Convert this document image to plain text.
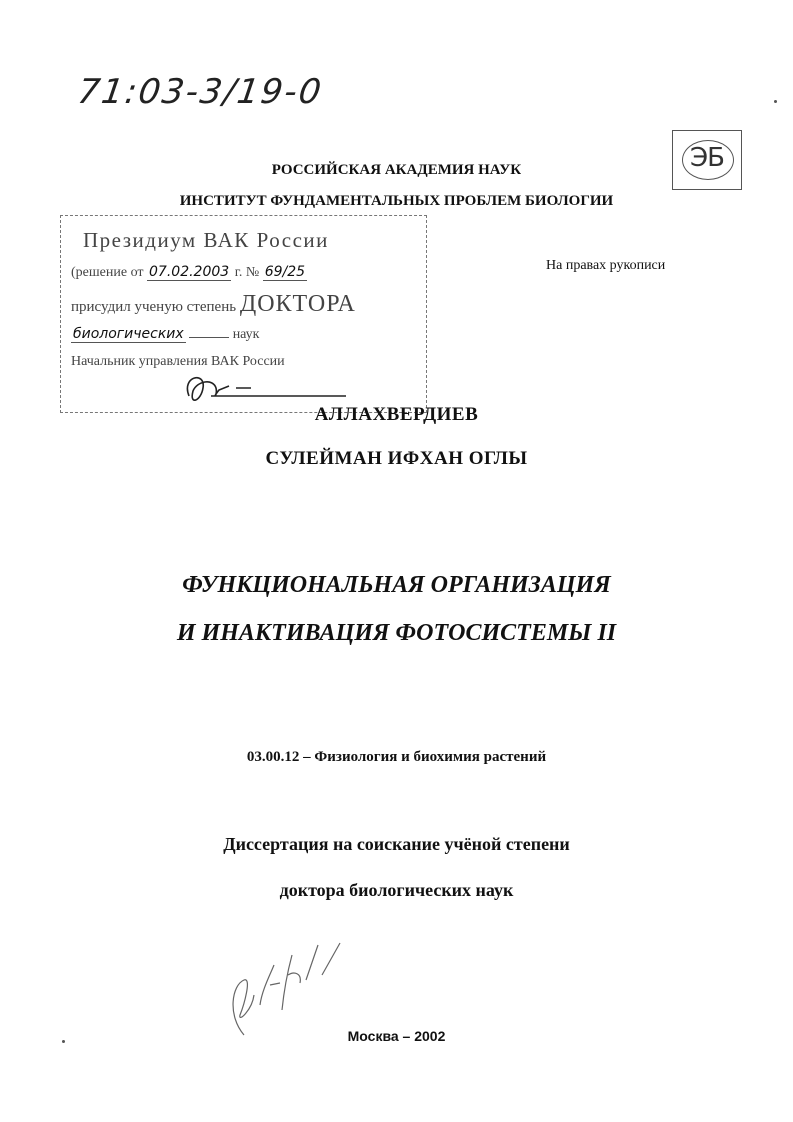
71:03-3/19-0
ЭБ
РОССИЙСКАЯ АКАДЕМИЯ НАУК
ИНСТИТУТ ФУНДАМЕНТАЛЬНЫХ ПРОБЛЕМ БИОЛОГИИ
Президиум ВАК России
(решение от 07.02.2003 г. № 69/25
присудил ученую степень ДОКТОРА
биологических	наук
Начальник управления ВАК России
На правах рукописи
АЛЛАХВЕРДИЕВ
СУЛЕЙМАН ИФХАН ОГЛЫ
ФУНКЦИОНАЛЬНАЯ ОРГАНИЗАЦИЯ
И ИНАКТИВАЦИЯ ФОТОСИСТЕМЫ II
03.00.12 – Физиология и биохимия растений
Диссертация на соискание учёной степени
доктора биологических наук
Москва – 2002
